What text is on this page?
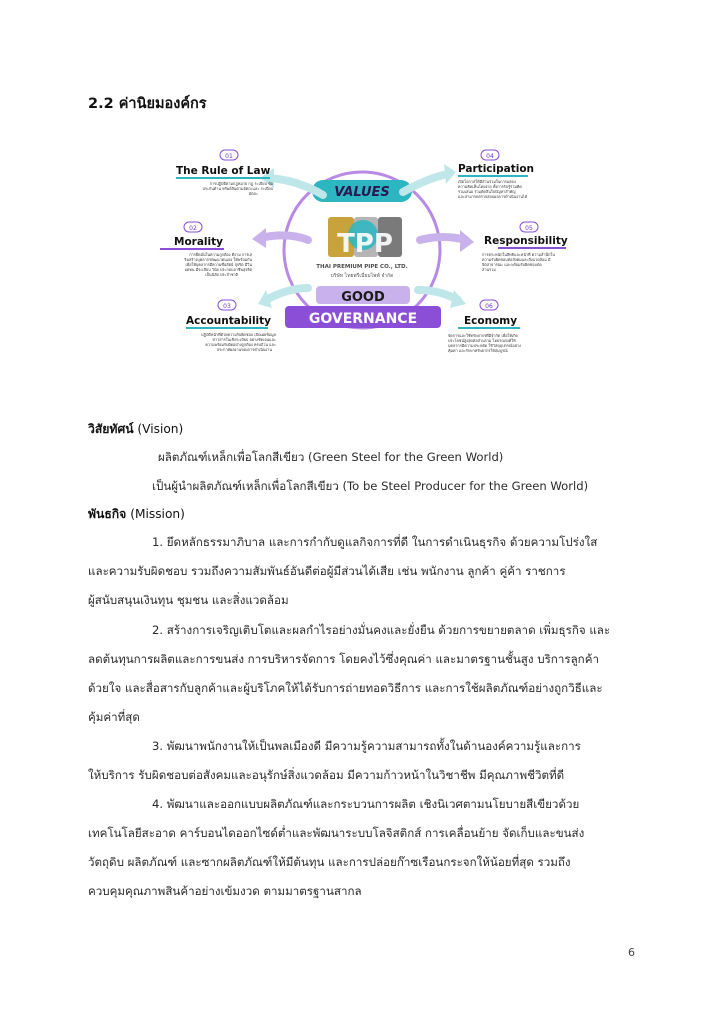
2.2 ค่านิยมองค์กร
VALUES
TPP
THAI PREMIUM PIPE CO., LTD.
บริษัท ไทยพรีเมี่ยมไพพ์ จำกัด
GOOD
GOVERNANCE
01
The Rule of Law
การปฏิบัติตามกฎหมาย กฎ ระเบียบ ข้อ
ประกันด้าน ทรัพย์สินตามอัตถะและ ระเบียบ
อัตถะ
02
Morality
การยึดมั่นในความถูกต้อง ดีงาม การเส
ริมสร้างบุคลากรพัฒนาตนเอง ให้พร้อมกัน
เพื่อให้บุคลากรมีความซื่อสัตย์ สุจริต มีวิน
อดทน มีระเบียบ วินัย ประกอบอาชีพสุจริต
เป็นนิสัย ประจำชาติ
03
Accountability
ปฏิบัติหน้าที่ด้วยความรับผิดชอบ เปิดเผยข้อมูล
ข่าวสารในเชิงระเบียบ อย่างชัดเจนและ
ความพร้อมรับผิดอย่างถูกต้อง ครบถ้วน และ
ประกาศผลงานของการดำเนินงาน
04
Participation
เปิดโอกาสให้มีส่วนร่วมในการแสดง
ความคิดเห็นโดยง่าย ทั้งการรับรู้ร่วมคิด
ร่วมเสนอ ร่วมตัดสินใจปัญหาสำคัญ
และสามารถตรวจสอบผลการดำเนินงานได้
05
Responsibility
การตระหนักในสิทธิและหน้าที่ ความสำนึกใน
ความรับผิดชอบต่อสังคมและสิ่งแวดล้อม มี
จิตสาธารณะ และพร้อมรับผิดชอบต่อ
ส่วนรวม
06
Economy
จัดการและใช้ทรัพยากรที่มีจำกัด เพื่อให้เกิด
ประโยชน์สูงสุดต่อส่วนรวม โดยรณรงค์ให้
บุคลากรมีความประหยัด ใช้วัสดุอุปกรณ์อย่าง
คุ้มค่า และรักษาทรัพยากรให้สมบูรณ์
วิสัยทัศน์ (Vision)
ผลิตภัณฑ์เหล็กเพื่อโลกสีเขียว (Green Steel for the Green World)
เป็นผู้นำผลิตภัณฑ์เหล็กเพื่อโลกสีเขียว (To be Steel Producer for the Green World)
พันธกิจ (Mission)
1. ยึดหลักธรรมาภิบาล และการกำกับดูแลกิจการที่ดี ในการดำเนินธุรกิจ ด้วยความโปร่งใส
และความรับผิดชอบ รวมถึงความสัมพันธ์อันดีต่อผู้มีส่วนได้เสีย เช่น พนักงาน ลูกค้า คู่ค้า ราชการ
ผู้สนับสนุนเงินทุน ชุมชน และสิ่งแวดล้อม
2. สร้างการเจริญเติบโตและผลกำไรอย่างมั่นคงและยั่งยืน ด้วยการขยายตลาด เพิ่มธุรกิจ และ
ลดต้นทุนการผลิตและการขนส่ง การบริหารจัดการ โดยคงไว้ซึ่งคุณค่า และมาตรฐานชั้นสูง บริการลูกค้า
ด้วยใจ และสื่อสารกับลูกค้าและผู้บริโภคให้ได้รับการถ่ายทอดวิธีการ และการใช้ผลิตภัณฑ์อย่างถูกวิธีและ
คุ้มค่าที่สุด
3. พัฒนาพนักงานให้เป็นพลเมืองดี มีความรู้ความสามารถทั้งในด้านองค์ความรู้และการ
ให้บริการ รับผิดชอบต่อสังคมและอนุรักษ์สิ่งแวดล้อม มีความก้าวหน้าในวิชาชีพ มีคุณภาพชีวิตที่ดี
4. พัฒนาและออกแบบผลิตภัณฑ์และกระบวนการผลิต เชิงนิเวศตามนโยบายสีเขียวด้วย
เทคโนโลยีสะอาด คาร์บอนไดออกไซด์ต่ำและพัฒนาระบบโลจิสติกส์ การเคลื่อนย้าย จัดเก็บและขนส่ง
วัตถุดิบ ผลิตภัณฑ์ และซากผลิตภัณฑ์ให้มีต้นทุน และการปล่อยก๊าซเรือนกระจกให้น้อยที่สุด รวมถึง
ควบคุมคุณภาพสินค้าอย่างเข้มงวด ตามมาตรฐานสากล
6
